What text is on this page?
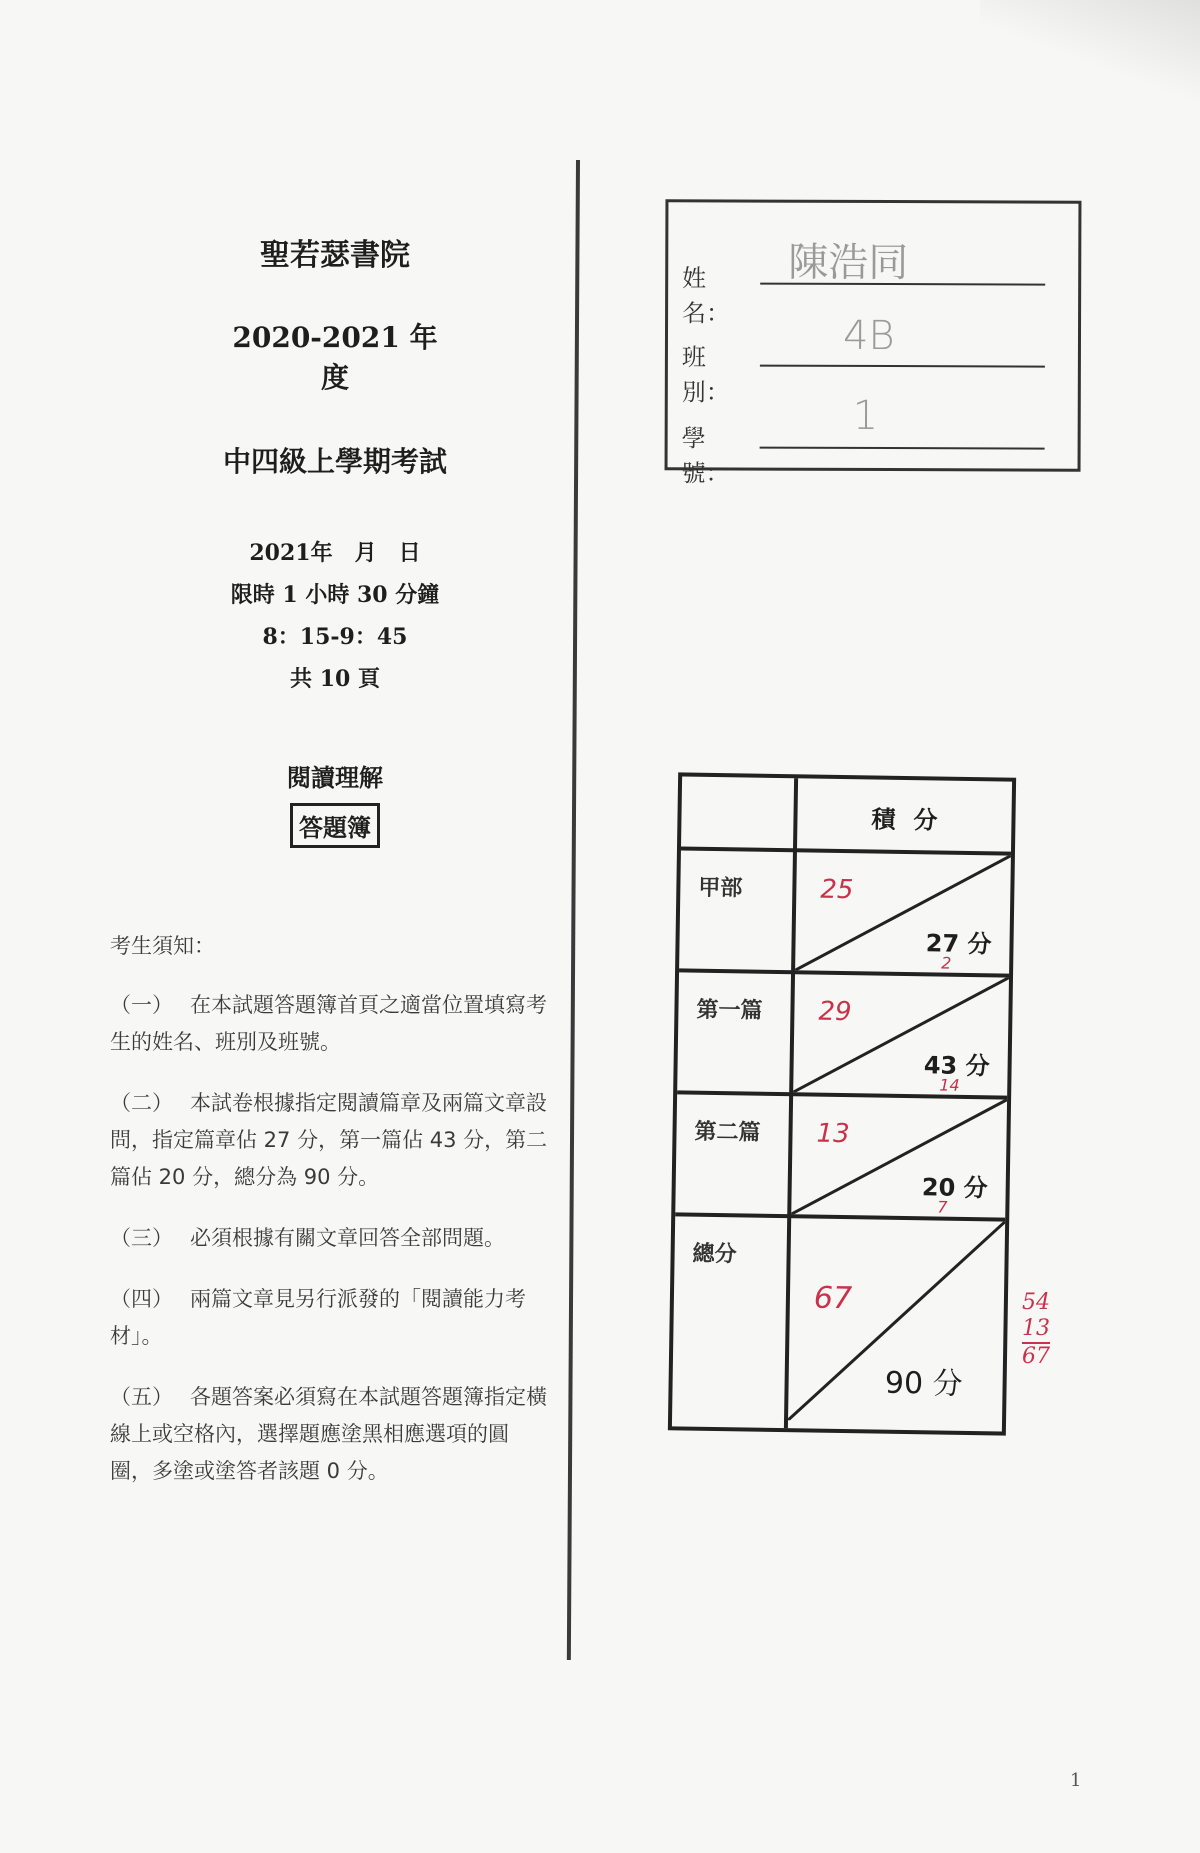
聖若瑟書院
2020-2021 年度
中四級上學期考試
2021年　月　日
限時 1 小時 30 分鐘
8：15-9：45
共 10 頁
閱讀理解
答題簿
考生須知：
（一） 在本試題答題簿首頁之適當位置填寫考生的姓名、班別及班號。
（二） 本試卷根據指定閱讀篇章及兩篇文章設問，指定篇章佔 27 分，第一篇佔 43 分，第二篇佔 20 分，總分為 90 分。
（三） 必須根據有關文章回答全部問題。
（四） 兩篇文章見另行派發的「閱讀能力考材」。
（五） 各題答案必須寫在本試題答題簿指定橫線上或空格內，選擇題應塗黑相應選項的圓圈，多塗或塗答者該題 0 分。
姓名：
陳浩同
班別：
4B
學號：
1
積分
甲部	25
27 分
2
第一篇 29
43 分
14
第二篇 13
20 分
7
總分
67
90 分
54
13
67
1
